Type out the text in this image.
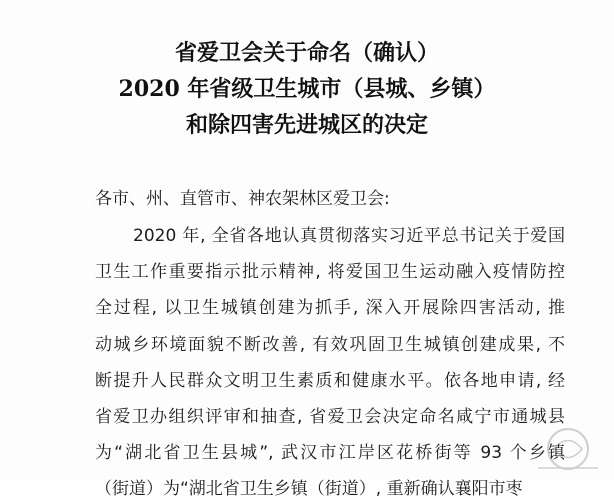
省爱卫会关于命名（确认）
2020 年省级卫生城市（县城、乡镇）
和除四害先进城区的决定
各市、州、直管市、神农架林区爱卫会:
2020 年, 全省各地认真贯彻落实习近平总书记关于爱国
卫生工作重要指示批示精神, 将爱国卫生运动融入疫情防控
全过程, 以卫生城镇创建为抓手, 深入开展除四害活动, 推
动城乡环境面貌不断改善, 有效巩固卫生城镇创建成果, 不
断提升人民群众文明卫生素质和健康水平。依各地申请, 经
省爱卫办组织评审和抽查, 省爱卫会决定命名咸宁市通城县
为“湖北省卫生县城”, 武汉市江岸区花桥街等 93 个乡镇
（街道）为“湖北省卫生乡镇（街道）, 重新确认襄阳市枣
